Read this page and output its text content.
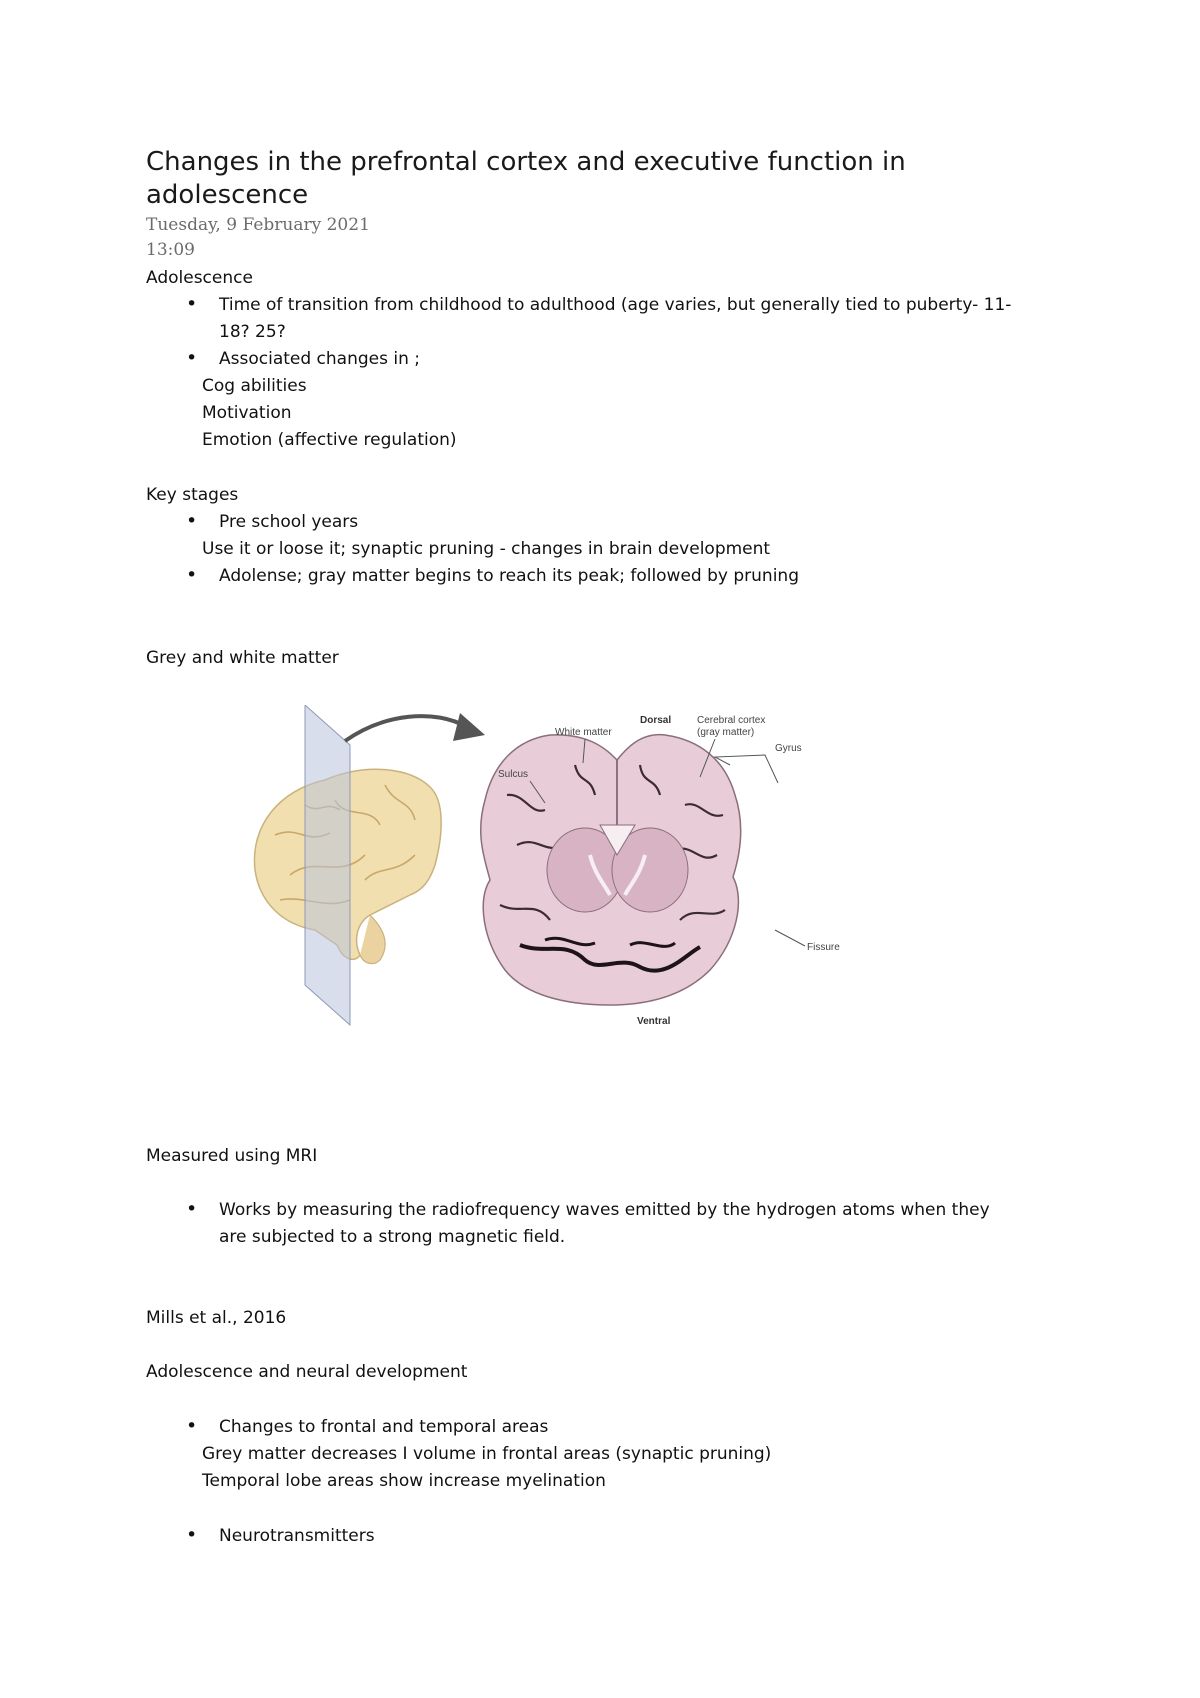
Changes in the prefrontal cortex and executive function in
adolescence
Tuesday, 9 February 2021
13:09
Adolescence
• Time of transition from childhood to adulthood (age varies, but generally tied to puberty- 11-
18? 25?
• Associated changes in ;
Cog abilities
Motivation
Emotion (affective regulation)
Key stages
• Pre school years
Use it or loose it; synaptic pruning - changes in brain development
• Adolense; gray matter begins to reach its peak; followed by pruning
Grey and white matter
Dorsal
White matter
Cerebral cortex
(gray matter)
Gyrus
Sulcus
Fissure
Ventral
Measured using MRI
• Works by measuring the radiofrequency waves emitted by the hydrogen atoms when they
are subjected to a strong magnetic field.
Mills et al., 2016
Adolescence and neural development
• Changes to frontal and temporal areas
Grey matter decreases I volume in frontal areas (synaptic pruning)
Temporal lobe areas show increase myelination
• Neurotransmitters
